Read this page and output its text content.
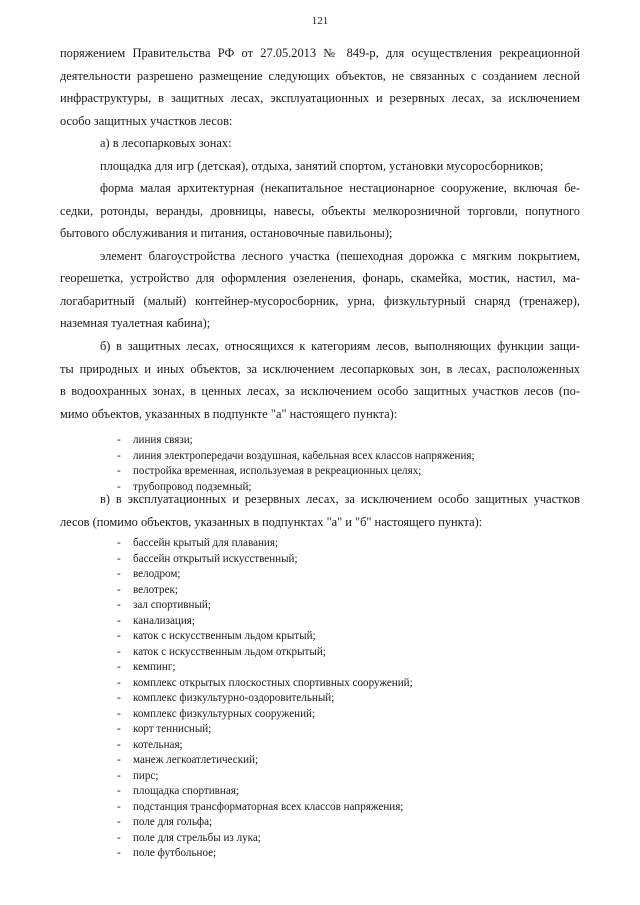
121
поряжением Правительства РФ от 27.05.2013 № 849-р, для осуществления рекреационной
деятельности разрешено размещение следующих объектов, не связанных с созданием лесной
инфраструктуры, в защитных лесах, эксплуатационных и резервных лесах, за исключением
особо защитных участков лесов:
а) в лесопарковых зонах:
площадка для игр (детская), отдыха, занятий спортом, установки мусоросборников;
форма малая архитектурная (некапитальное нестационарное сооружение, включая бе-
седки, ротонды, веранды, дровницы, навесы, объекты мелкорозничной торговли, попутного
бытового обслуживания и питания, остановочные павильоны);
элемент благоустройства лесного участка (пешеходная дорожка с мягким покрытием,
георешетка, устройство для оформления озеленения, фонарь, скамейка, мостик, настил, ма-
логабаритный (малый) контейнер-мусоросборник, урна, физкультурный снаряд (тренажер),
наземная туалетная кабина);
б) в защитных лесах, относящихся к категориям лесов, выполняющих функции защи-
ты природных и иных объектов, за исключением лесопарковых зон, в лесах, расположенных
в водоохранных зонах, в ценных лесах, за исключением особо защитных участков лесов (по-
мимо объектов, указанных в подпункте "а" настоящего пункта):
- линия связи;
- линия электропередачи воздушная, кабельная всех классов напряжения;
- постройка временная, используемая в рекреационных целях;
- трубопровод подземный;
в) в эксплуатационных и резервных лесах, за исключением особо защитных участков
лесов (помимо объектов, указанных в подпунктах "а" и "б" настоящего пункта):
- бассейн крытый для плавания;
- бассейн открытый искусственный;
- велодром;
- велотрек;
- зал спортивный;
- канализация;
- каток с искусственным льдом крытый;
- каток с искусственным льдом открытый;
- кемпинг;
- комплекс открытых плоскостных спортивных сооружений;
- комплекс физкультурно-оздоровительный;
- комплекс физкультурных сооружений;
- корт теннисный;
- котельная;
- манеж легкоатлетический;
- пирс;
- площадка спортивная;
- подстанция трансформаторная всех классов напряжения;
- поле для гольфа;
- поле для стрельбы из лука;
- поле футбольное;
